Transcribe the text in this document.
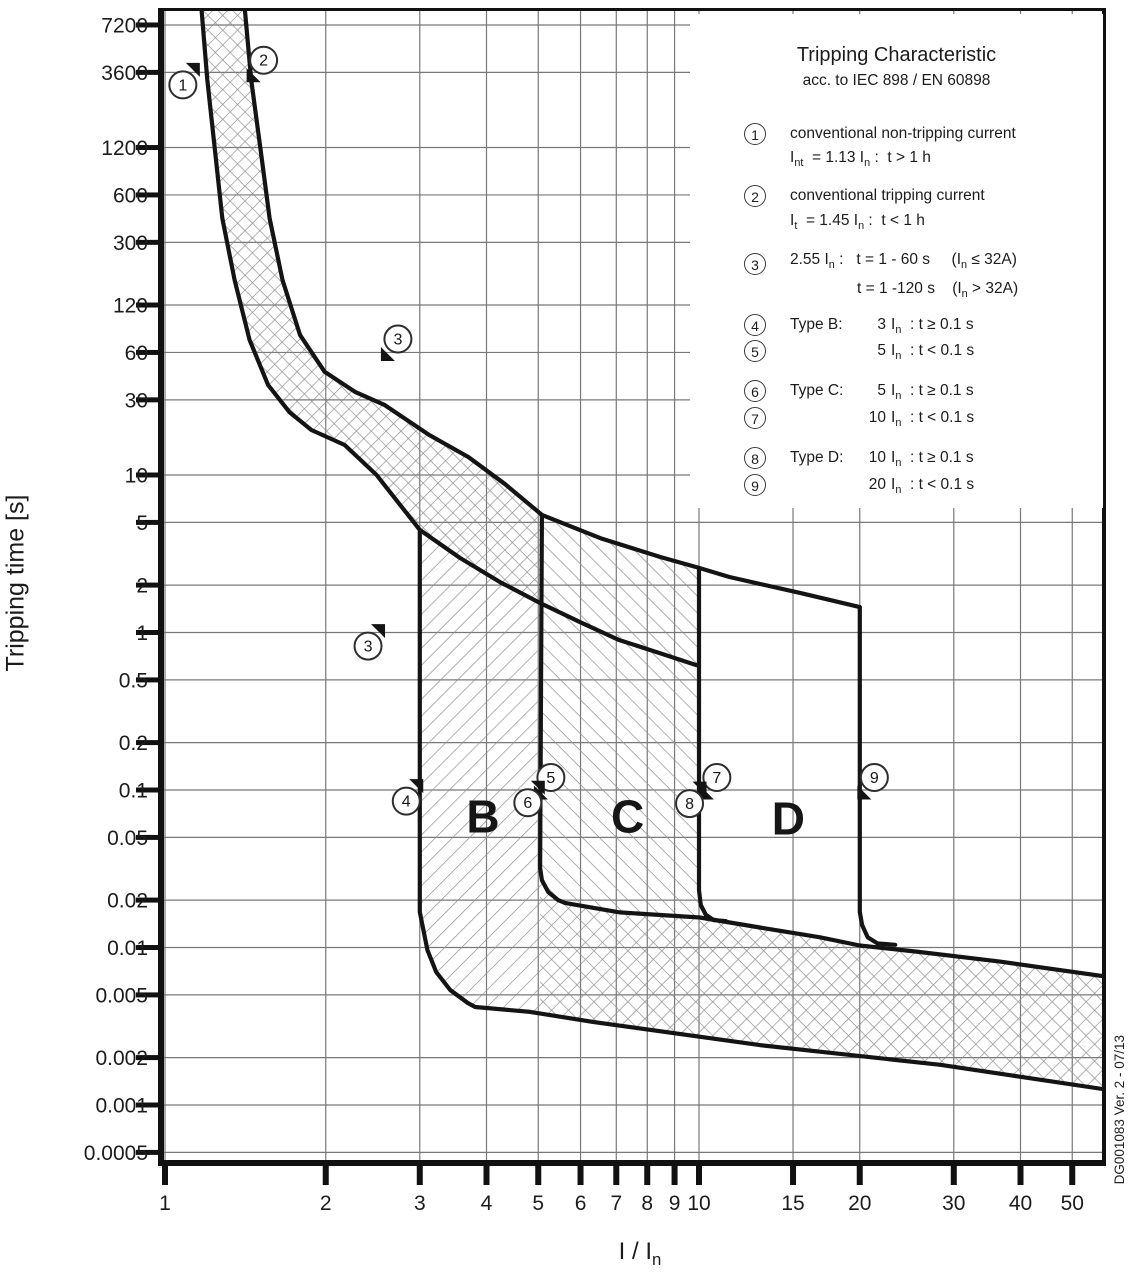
7200
3600
1200
600
300
120
60
30
10
5
2
1
0.5
0.2
0.1
0.05
0.02
0.01
0.005
0.002
0.001
0.0005
1	2	3	4 5 6 7 8 9 10	15 20	30 40 50
B C	D
1
2
3
3
4
5
6
7
8
9
Tripping time [s]
I / $I_n$
Tripping Characteristic
acc. to IEC 898 / EN 60898
1	conventional non-tripping current
$I_{nt} = 1.13$ $I_n$ :  t > 1 h
2	conventional tripping current
$I_t = 1.45$ $I_n$ :  t < 1 h
3	2.55 $I_n$ :   t = 1 - 60 s     $(I_n \le 32A)$
t = 1 -120 s    $(I_n > 32A)$
4	Type B: 3 $I_n$  : t ≥ 0.1 s
5	5 $I_n$  : t < 0.1 s
6	Type C: 5 $I_n$  : t ≥ 0.1 s
7	10 $I_n$  : t < 0.1 s
8	Type D: 10 $I_n$  : t ≥ 0.1 s
9	20 $I_n$  : t < 0.1 s
DG001083 Ver. 2 - 07/13
